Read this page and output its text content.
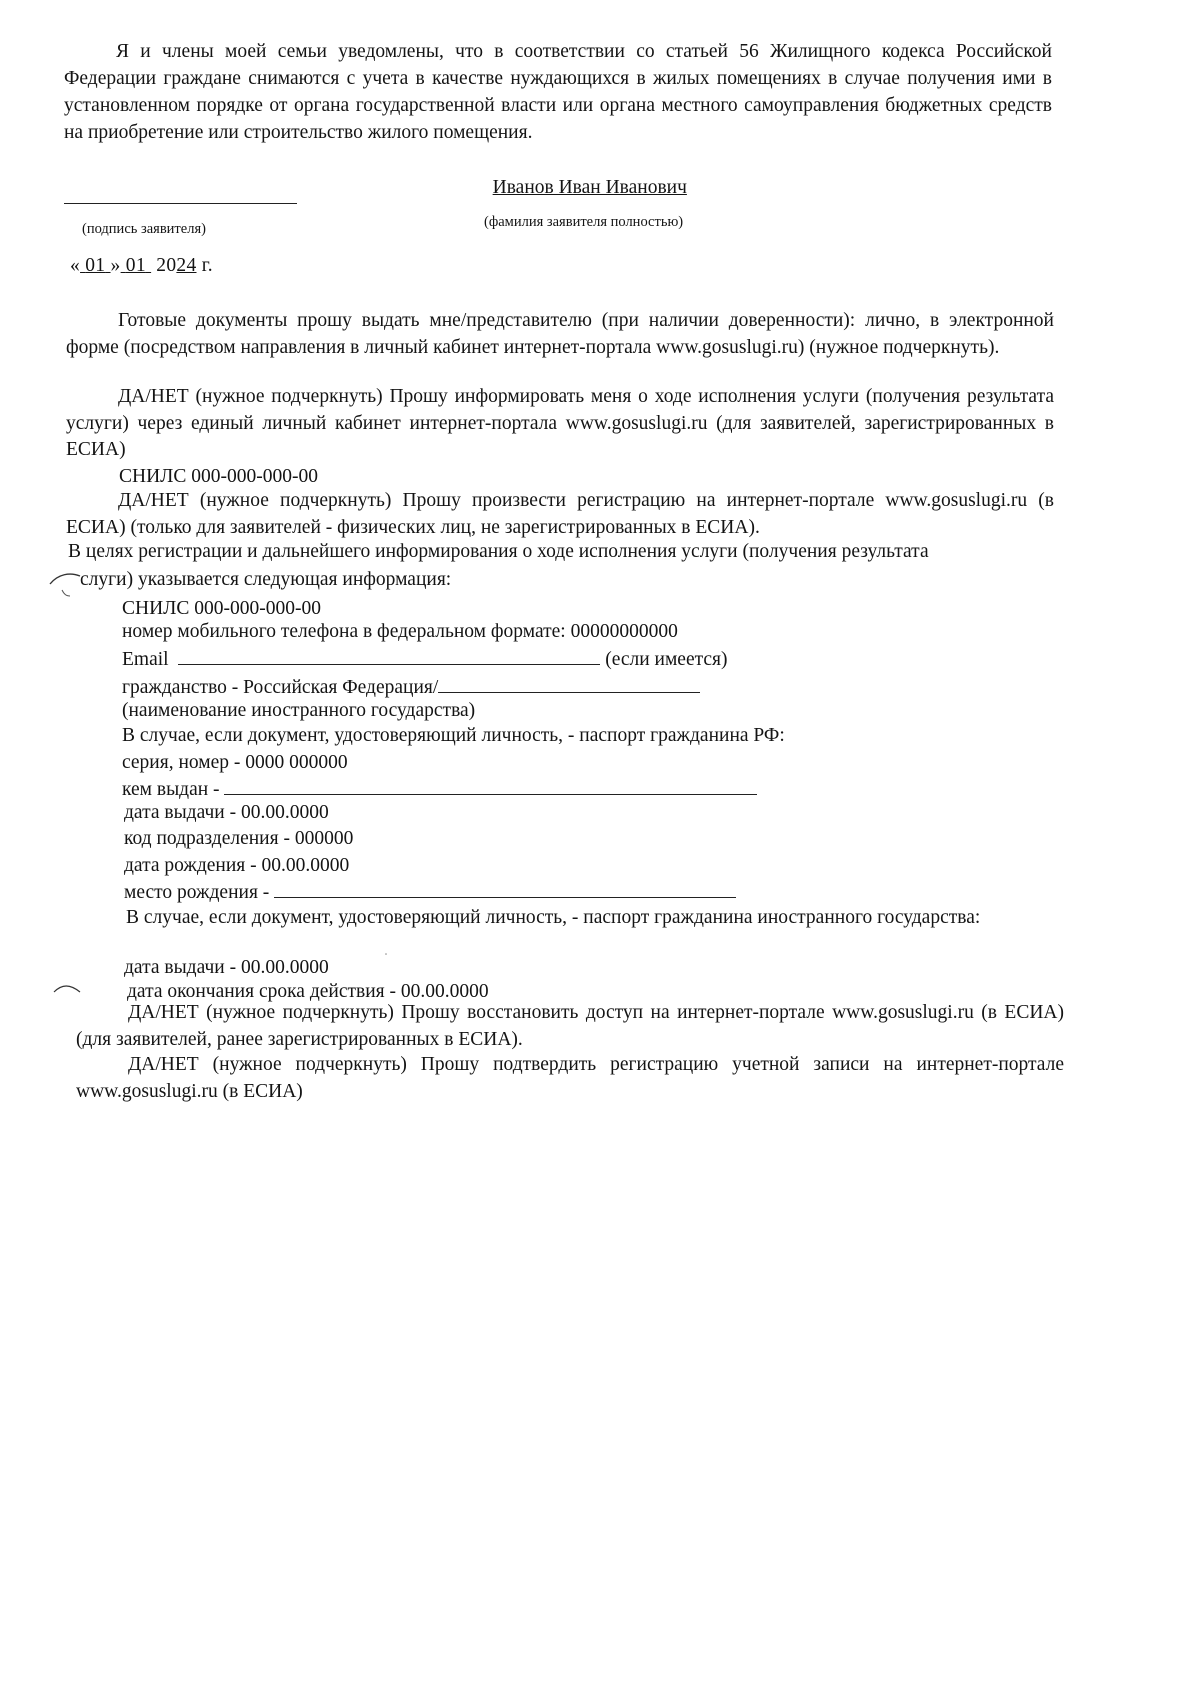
Я и члены моей семьи уведомлены, что в соответствии со статьей 56 Жилищного кодекса Российской Федерации граждане снимаются с учета в качестве нуждающихся в жилых помещениях в случае получения ими в установленном порядке от органа государственной власти или органа местного самоуправления бюджетных средств на приобретение или строительство жилого помещения.

(подпись заявителя)
Иванов Иван Иванович
(фамилия заявителя полностью)
« 01 » 01 2024 г.

Готовые документы прошу выдать мне/представителю (при наличии доверенности): лично, в электронной форме (посредством направления в личный кабинет интернет-портала www.gosuslugi.ru) (нужное подчеркнуть).

ДА/НЕТ (нужное подчеркнуть) Прошу информировать меня о ходе исполнения услуги (получения результата услуги) через единый личный кабинет интернет-портала www.gosuslugi.ru (для заявителей, зарегистрированных в ЕСИА)

СНИЛС 000-000-000-00

ДА/НЕТ (нужное подчеркнуть) Прошу произвести регистрацию на интернет-портале www.gosuslugi.ru (в ЕСИА) (только для заявителей - физических лиц, не зарегистрированных в ЕСИА).

В целях регистрации и дальнейшего информирования о ходе исполнения услуги (получения результата
слуги) указывается следующая информация:
СНИЛС 000-000-000-00
номер мобильного телефона в федеральном формате: 00000000000
Email	(если имеется)
гражданство - Российская Федерация/
(наименование иностранного государства)
В случае, если документ, удостоверяющий личность, - паспорт гражданина РФ:
серия, номер - 0000 000000
кем выдан -
дата выдачи - 00.00.0000
код подразделения - 000000
дата рождения - 00.00.0000
место рождения -

В случае, если документ, удостоверяющий личность, - паспорт гражданина иностранного государства:

дата выдачи - 00.00.0000
дата окончания срока действия - 00.00.0000

ДА/НЕТ (нужное подчеркнуть) Прошу восстановить доступ на интернет-портале www.gosuslugi.ru (в ЕСИА) (для заявителей, ранее зарегистрированных в ЕСИА).

ДА/НЕТ (нужное подчеркнуть) Прошу подтвердить регистрацию учетной записи на интернет-портале www.gosuslugi.ru (в ЕСИА)
